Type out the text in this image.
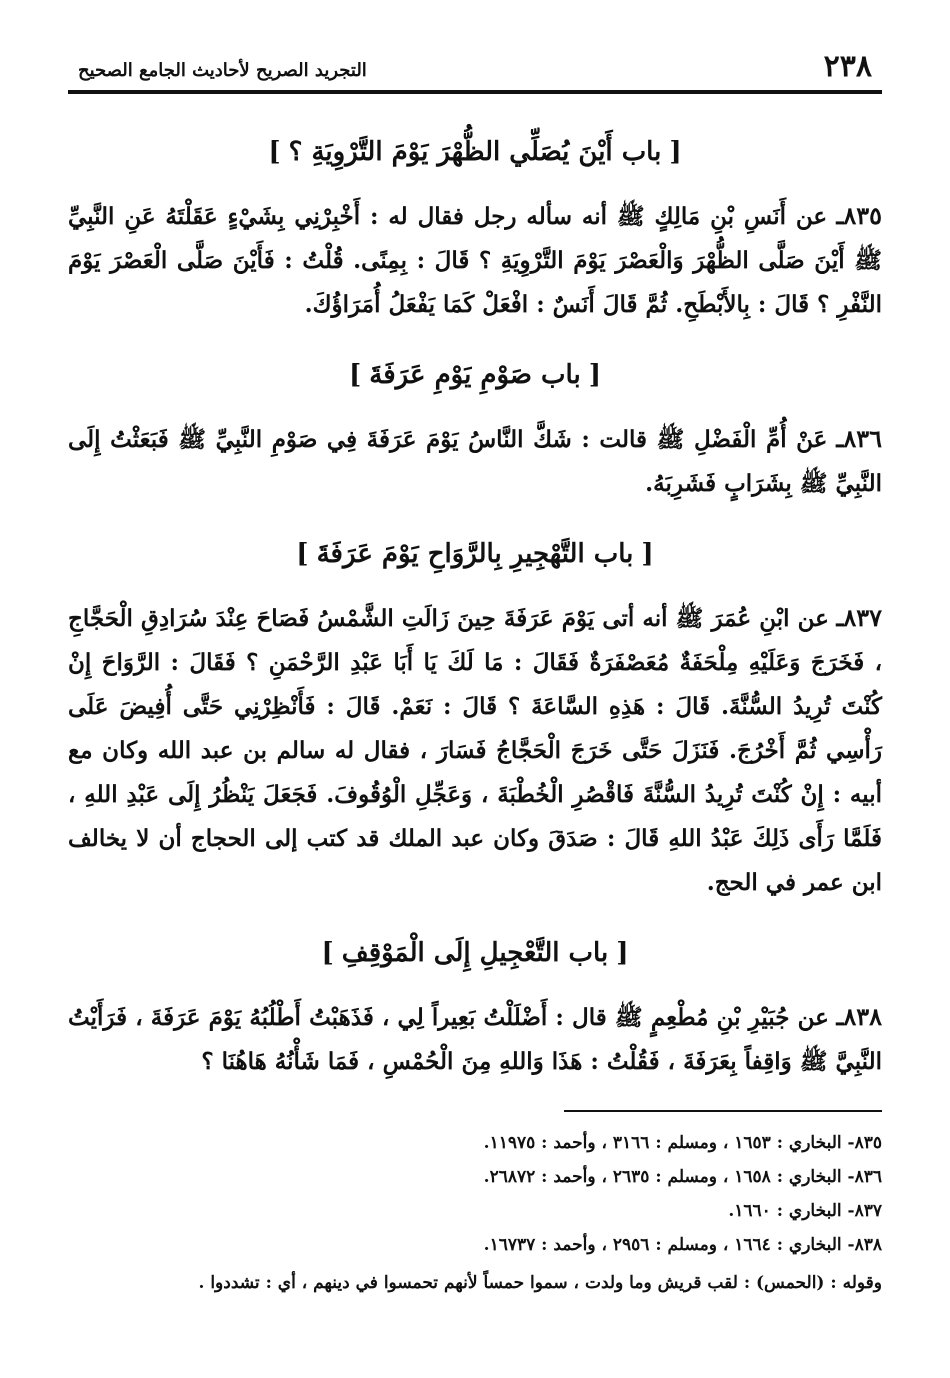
٢٣٨
التجريد الصريح لأحاديث الجامع الصحيح
[باب أَيْنَ يُصَلِّي الظُّهْرَ يَوْمَ التَّرْوِيَةِ ؟]

٨٣٥ـ عن أَنَسِ بْنِ مَالِكٍ ﷺ أنه سأله رجل فقال له : أَخْبِرْنِي بِشَيْءٍ عَقَلْتَهُ عَنِ النَّبِيِّ ﷺ أَيْنَ صَلَّى الظُّهْرَ وَالْعَصْرَ يَوْمَ التَّرْوِيَةِ ؟ قَالَ : بِمِنًى. قُلْتُ : فَأَيْنَ صَلَّى الْعَصْرَ يَوْمَ النَّفْرِ ؟ قَالَ : بِالأَبْطَحِ. ثُمَّ قَالَ أَنَسٌ : افْعَلْ كَمَا يَفْعَلُ أُمَرَاؤُكَ.

[باب صَوْمِ يَوْمِ عَرَفَةَ]

٨٣٦ـ عَنْ أُمِّ الْفَضْلِ ﷺ قالت : شَكَّ النَّاسُ يَوْمَ عَرَفَةَ فِي صَوْمِ النَّبِيِّ ﷺ فَبَعَثْتُ إِلَى النَّبِيِّ ﷺ بِشَرَابٍ فَشَرِبَهُ.

[باب التَّهْجِيرِ بِالرَّوَاحِ يَوْمَ عَرَفَةَ]

٨٣٧ـ عن ابْنِ عُمَرَ ﷺ أنه أتى يَوْمَ عَرَفَةَ حِينَ زَالَتِ الشَّمْسُ فَصَاحَ عِنْدَ سُرَادِقِ الْحَجَّاجِ ، فَخَرَجَ وَعَلَيْهِ مِلْحَفَةٌ مُعَصْفَرَةٌ فَقَالَ : مَا لَكَ يَا أَبَا عَبْدِ الرَّحْمَنِ ؟ فَقَالَ : الرَّوَاحَ إِنْ كُنْتَ تُرِيدُ السُّنَّةَ. قَالَ : هَذِهِ السَّاعَةَ ؟ قَالَ : نَعَمْ. قَالَ : فَأَنْظِرْنِي حَتَّى أُفِيضَ عَلَى رَأْسِي ثُمَّ أَخْرُجَ. فَنَزَلَ حَتَّى خَرَجَ الْحَجَّاجُ فَسَارَ ، فقال له سالم بن عبد الله وكان مع أبيه : إِنْ كُنْتَ تُرِيدُ السُّنَّةَ فَاقْصُرِ الْخُطْبَةَ ، وَعَجِّلِ الْوُقُوفَ. فَجَعَلَ يَنْظُرُ إِلَى عَبْدِ اللهِ ، فَلَمَّا رَأَى ذَلِكَ عَبْدُ اللهِ قَالَ : صَدَقَ وكان عبد الملك قد كتب إلى الحجاج أن لا يخالف ابن عمر في الحج.

[باب التَّعْجِيلِ إِلَى الْمَوْقِفِ]

٨٣٨ـ عن جُبَيْرِ بْنِ مُطْعِمٍ ﷺ قال : أَضْلَلْتُ بَعِيراً لِي ، فَذَهَبْتُ أَطْلُبُهُ يَوْمَ عَرَفَةَ ، فَرَأَيْتُ النَّبِيَّ ﷺ وَاقِفاً بِعَرَفَةَ ، فَقُلْتُ : هَذَا وَاللهِ مِنَ الْحُمْسِ ، فَمَا شَأْنُهُ هَاهُنَا ؟

٨٣٥- البخاري : ١٦٥٣ ، ومسلم : ٣١٦٦ ، وأحمد : ١١٩٧٥.
٨٣٦- البخاري : ١٦٥٨ ، ومسلم : ٢٦٣٥ ، وأحمد : ٢٦٨٧٢.
٨٣٧- البخاري : ١٦٦٠.
٨٣٨- البخاري : ١٦٦٤ ، ومسلم : ٢٩٥٦ ، وأحمد : ١٦٧٣٧.
وقوله : (الحمس) : لقب قريش وما ولدت ، سموا حمساً لأنهم تحمسوا في دينهم ، أي : تشددوا .
